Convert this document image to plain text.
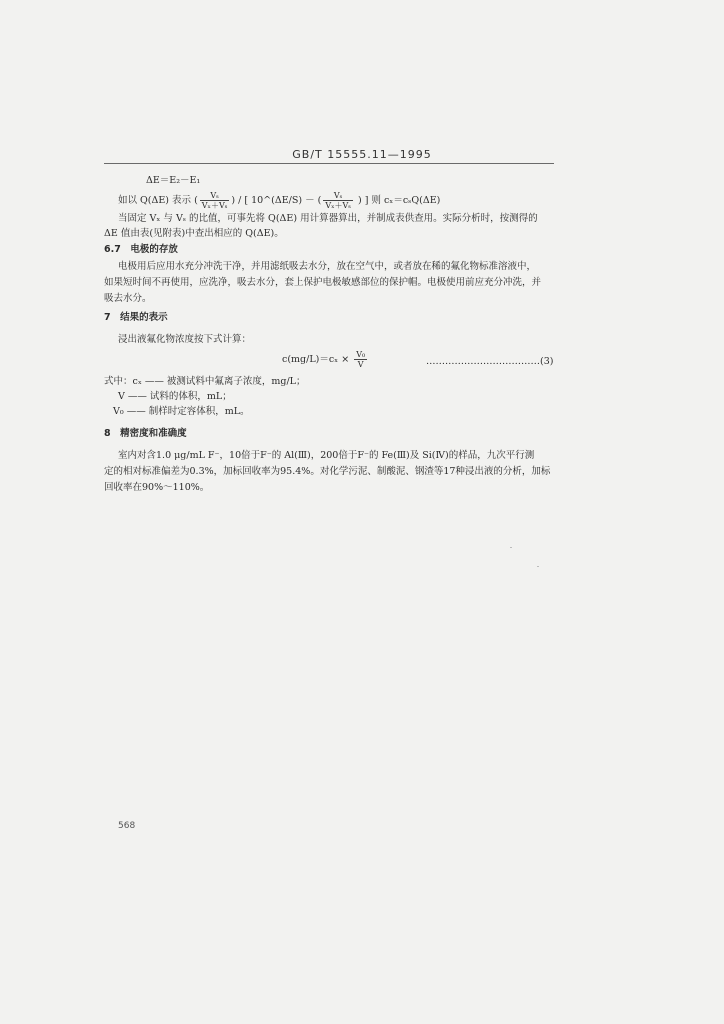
GB/T 15555.11—1995
ΔE＝E₂－E₁
如以 Q(ΔE) 表示 ( $\frac{\text{Vₛ}}{\text{Vₓ＋Vₛ}}$ ) / [ 10^(ΔE/S) － ( $\frac{\text{Vₛ}}{\text{Vₓ＋Vₛ}}$ ) ] 则 cₓ＝cₛQ(ΔE)
当固定 Vₓ 与 Vₛ 的比值，可事先将 Q(ΔE) 用计算器算出，并制成表供查用。实际分析时，按测得的
ΔE 值由表(见附表)中查出相应的 Q(ΔE)。
6.7　电极的存放
电极用后应用水充分冲洗干净，并用滤纸吸去水分，放在空气中，或者放在稀的氟化物标准溶液中，
如果短时间不再使用，应洗净，吸去水分，套上保护电极敏感部位的保护帽。电极使用前应充分冲洗，并
吸去水分。
7　结果的表示
浸出液氟化物浓度按下式计算：
$c(mg/L)=c_x \times \frac{\text{V₀}}{V}$	………………………………(3)
式中：cₓ —— 被测试料中氟离子浓度，mg/L；
V —— 试料的体积，mL；
V₀ —— 制样时定容体积，mL。
8　精密度和准确度
室内对含1.0 μg/mL F⁻，10倍于F⁻的 Al(Ⅲ)，200倍于F⁻的 Fe(Ⅲ)及 Si(Ⅳ)的样品，九次平行测
定的相对标准偏差为0.3%，加标回收率为95.4%。对化学污泥、制酸泥、钢渣等17种浸出液的分析，加标
回收率在90%～110%。
568
